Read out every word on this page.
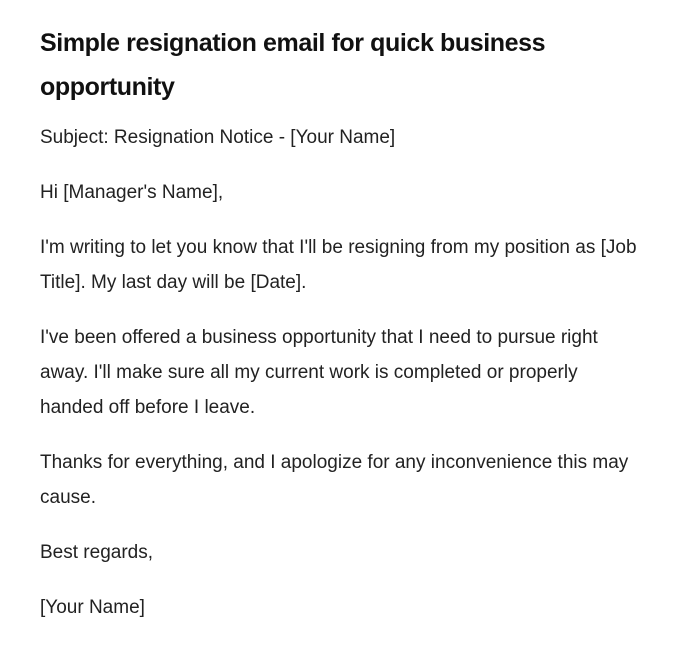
Simple resignation email for quick business opportunity

Subject: Resignation Notice - [Your Name]

Hi [Manager's Name],

I'm writing to let you know that I'll be resigning from my position as [Job Title]. My last day will be [Date].

I've been offered a business opportunity that I need to pursue right away. I'll make sure all my current work is completed or properly handed off before I leave.

Thanks for everything, and I apologize for any inconvenience this may cause.

Best regards,

[Your Name]
